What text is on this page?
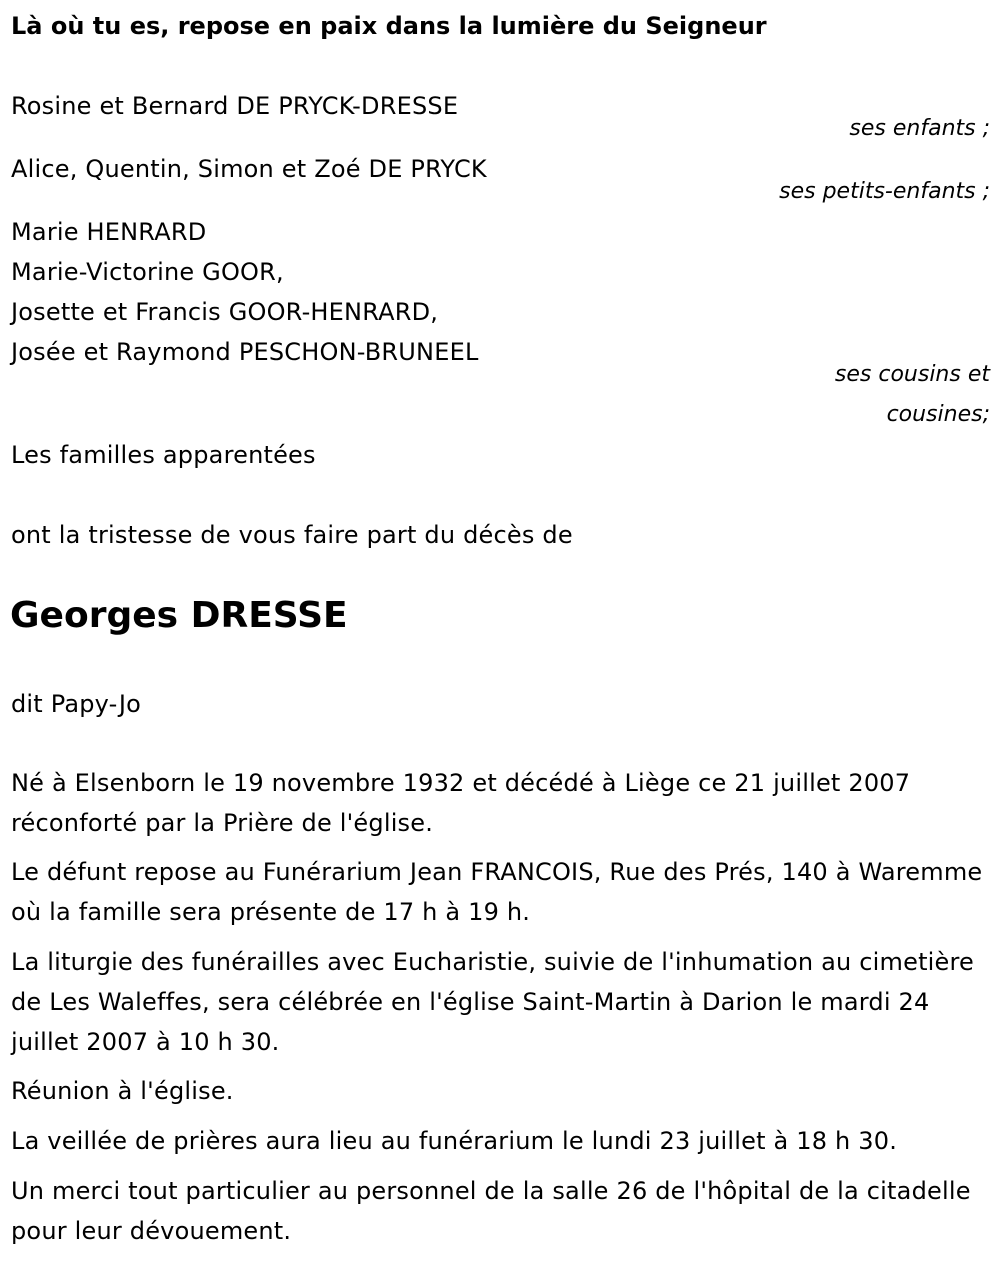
Là où tu es, repose en paix dans la lumière du Seigneur
Rosine et Bernard DE PRYCK-DRESSE
ses enfants ;
Alice, Quentin, Simon et Zoé DE PRYCK
ses petits-enfants ;
Marie HENRARD
Marie-Victorine GOOR,
Josette et Francis GOOR-HENRARD,
Josée et Raymond PESCHON-BRUNEEL
ses cousins et
cousines;
Les familles apparentées
ont la tristesse de vous faire part du décès de
Georges DRESSE
dit Papy-Jo
Né à Elsenborn le 19 novembre 1932 et décédé à Liège ce 21 juillet 2007 réconforté par la Prière de l'église.
Le défunt repose au Funérarium Jean FRANCOIS, Rue des Prés, 140 à Waremme où la famille sera présente de 17 h à 19 h.
La liturgie des funérailles avec Eucharistie, suivie de l'inhumation au cimetière de Les Waleffes, sera célébrée en l'église Saint-Martin à Darion le mardi 24 juillet 2007 à 10 h 30.
Réunion à l'église.
La veillée de prières aura lieu au funérarium le lundi 23 juillet à 18 h 30.
Un merci tout particulier au personnel de la salle 26 de l'hôpital de la citadelle pour leur dévouement.
